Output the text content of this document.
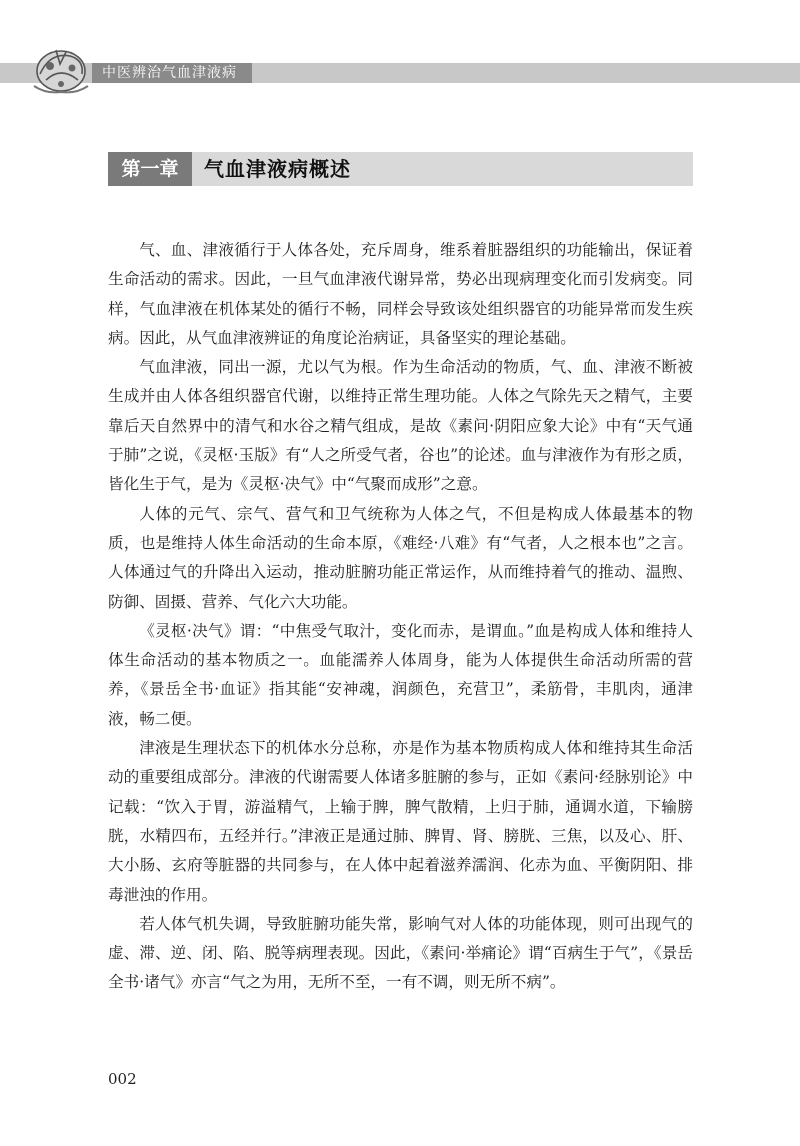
中医辨治气血津液病
第一章	气血津液病概述

气、血、津液循行于人体各处，充斥周身，维系着脏器组织的功能输出，保证着生命活动的需求。因此，一旦气血津液代谢异常，势必出现病理变化而引发病变。同样，气血津液在机体某处的循行不畅，同样会导致该处组织器官的功能异常而发生疾病。因此，从气血津液辨证的角度论治病证，具备坚实的理论基础。

气血津液，同出一源，尤以气为根。作为生命活动的物质，气、血、津液不断被生成并由人体各组织器官代谢，以维持正常生理功能。人体之气除先天之精气，主要靠后天自然界中的清气和水谷之精气组成，是故《素问·阴阳应象大论》中有“天气通于肺”之说，《灵枢·玉版》有“人之所受气者，谷也”的论述。血与津液作为有形之质，皆化生于气，是为《灵枢·决气》中“气聚而成形”之意。

人体的元气、宗气、营气和卫气统称为人体之气，不但是构成人体最基本的物质，也是维持人体生命活动的生命本原，《难经·八难》有“气者，人之根本也”之言。人体通过气的升降出入运动，推动脏腑功能正常运作，从而维持着气的推动、温煦、防御、固摄、营养、气化六大功能。

《灵枢·决气》谓：“中焦受气取汁，变化而赤，是谓血。”血是构成人体和维持人体生命活动的基本物质之一。血能濡养人体周身，能为人体提供生命活动所需的营养，《景岳全书·血证》指其能“安神魂，润颜色，充营卫”，柔筋骨，丰肌肉，通津液，畅二便。

津液是生理状态下的机体水分总称，亦是作为基本物质构成人体和维持其生命活动的重要组成部分。津液的代谢需要人体诸多脏腑的参与，正如《素问·经脉别论》中记载：“饮入于胃，游溢精气，上输于脾，脾气散精，上归于肺，通调水道，下输膀胱，水精四布，五经并行。”津液正是通过肺、脾胃、肾、膀胱、三焦，以及心、肝、大小肠、玄府等脏器的共同参与，在人体中起着滋养濡润、化赤为血、平衡阴阳、排毒泄浊的作用。

若人体气机失调，导致脏腑功能失常，影响气对人体的功能体现，则可出现气的虚、滞、逆、闭、陷、脱等病理表现。因此，《素问·举痛论》谓“百病生于气”，《景岳全书·诸气》亦言“气之为用，无所不至，一有不调，则无所不病”。

002
